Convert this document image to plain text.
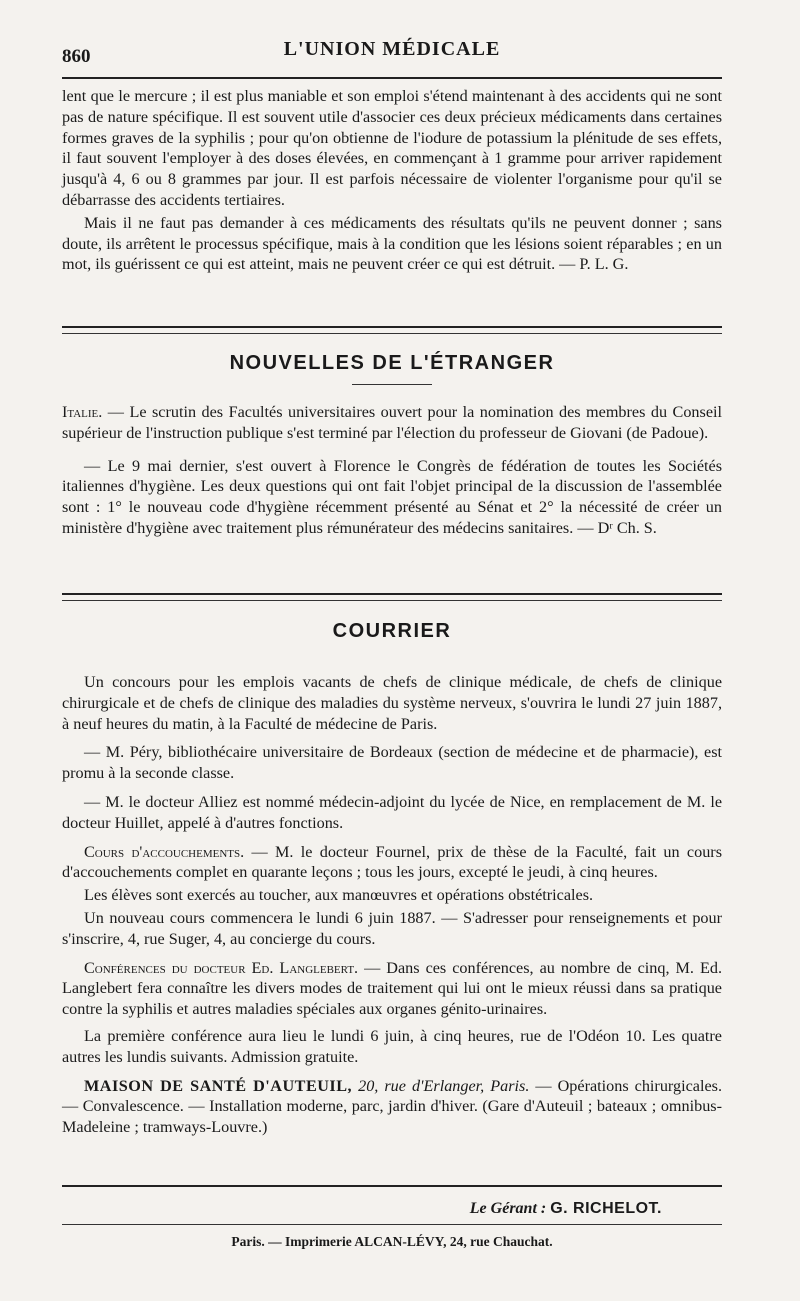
860	L'UNION MÉDICALE

lent que le mercure ; il est plus maniable et son emploi s'étend maintenant à des accidents qui ne sont pas de nature spécifique. Il est souvent utile d'associer ces deux précieux médicaments dans certaines formes graves de la syphilis ; pour qu'on obtienne de l'iodure de potassium la plénitude de ses effets, il faut souvent l'employer à des doses élevées, en commençant à 1 gramme pour arriver rapidement jusqu'à 4, 6 ou 8 grammes par jour. Il est parfois nécessaire de violenter l'organisme pour qu'il se débarrasse des accidents tertiaires.

Mais il ne faut pas demander à ces médicaments des résultats qu'ils ne peuvent donner ; sans doute, ils arrêtent le processus spécifique, mais à la condition que les lésions soient réparables ; en un mot, ils guérissent ce qui est atteint, mais ne peuvent créer ce qui est détruit. — P. L. G.

NOUVELLES DE L'ÉTRANGER

Italie. — Le scrutin des Facultés universitaires ouvert pour la nomination des membres du Conseil supérieur de l'instruction publique s'est terminé par l'élection du professeur de Giovani (de Padoue).

— Le 9 mai dernier, s'est ouvert à Florence le Congrès de fédération de toutes les Sociétés italiennes d'hygiène. Les deux questions qui ont fait l'objet principal de la discussion de l'assemblée sont : 1° le nouveau code d'hygiène récemment présenté au Sénat et 2° la nécessité de créer un ministère d'hygiène avec traitement plus rémunérateur des médecins sanitaires. — Dʳ Ch. S.

COURRIER

Un concours pour les emplois vacants de chefs de clinique médicale, de chefs de clinique chirurgicale et de chefs de clinique des maladies du système nerveux, s'ouvrira le lundi 27 juin 1887, à neuf heures du matin, à la Faculté de médecine de Paris.

— M. Péry, bibliothécaire universitaire de Bordeaux (section de médecine et de pharmacie), est promu à la seconde classe.

— M. le docteur Alliez est nommé médecin-adjoint du lycée de Nice, en remplacement de M. le docteur Huillet, appelé à d'autres fonctions.

Cours d'accouchements. — M. le docteur Fournel, prix de thèse de la Faculté, fait un cours d'accouchements complet en quarante leçons ; tous les jours, excepté le jeudi, à cinq heures.

Les élèves sont exercés au toucher, aux manœuvres et opérations obstétricales.

Un nouveau cours commencera le lundi 6 juin 1887. — S'adresser pour renseignements et pour s'inscrire, 4, rue Suger, 4, au concierge du cours.

Conférences du docteur Ed. Langlebert. — Dans ces conférences, au nombre de cinq, M. Ed. Langlebert fera connaître les divers modes de traitement qui lui ont le mieux réussi dans sa pratique contre la syphilis et autres maladies spéciales aux organes génito-urinaires.

La première conférence aura lieu le lundi 6 juin, à cinq heures, rue de l'Odéon 10. Les quatre autres les lundis suivants. Admission gratuite.

MAISON DE SANTÉ D'AUTEUIL, 20, rue d'Erlanger, Paris. — Opérations chirurgicales. — Convalescence. — Installation moderne, parc, jardin d'hiver. (Gare d'Auteuil ; bateaux ; omnibus-Madeleine ; tramways-Louvre.)

Le Gérant : G. RICHELOT.
Paris. — Imprimerie ALCAN-LÉVY, 24, rue Chauchat.
